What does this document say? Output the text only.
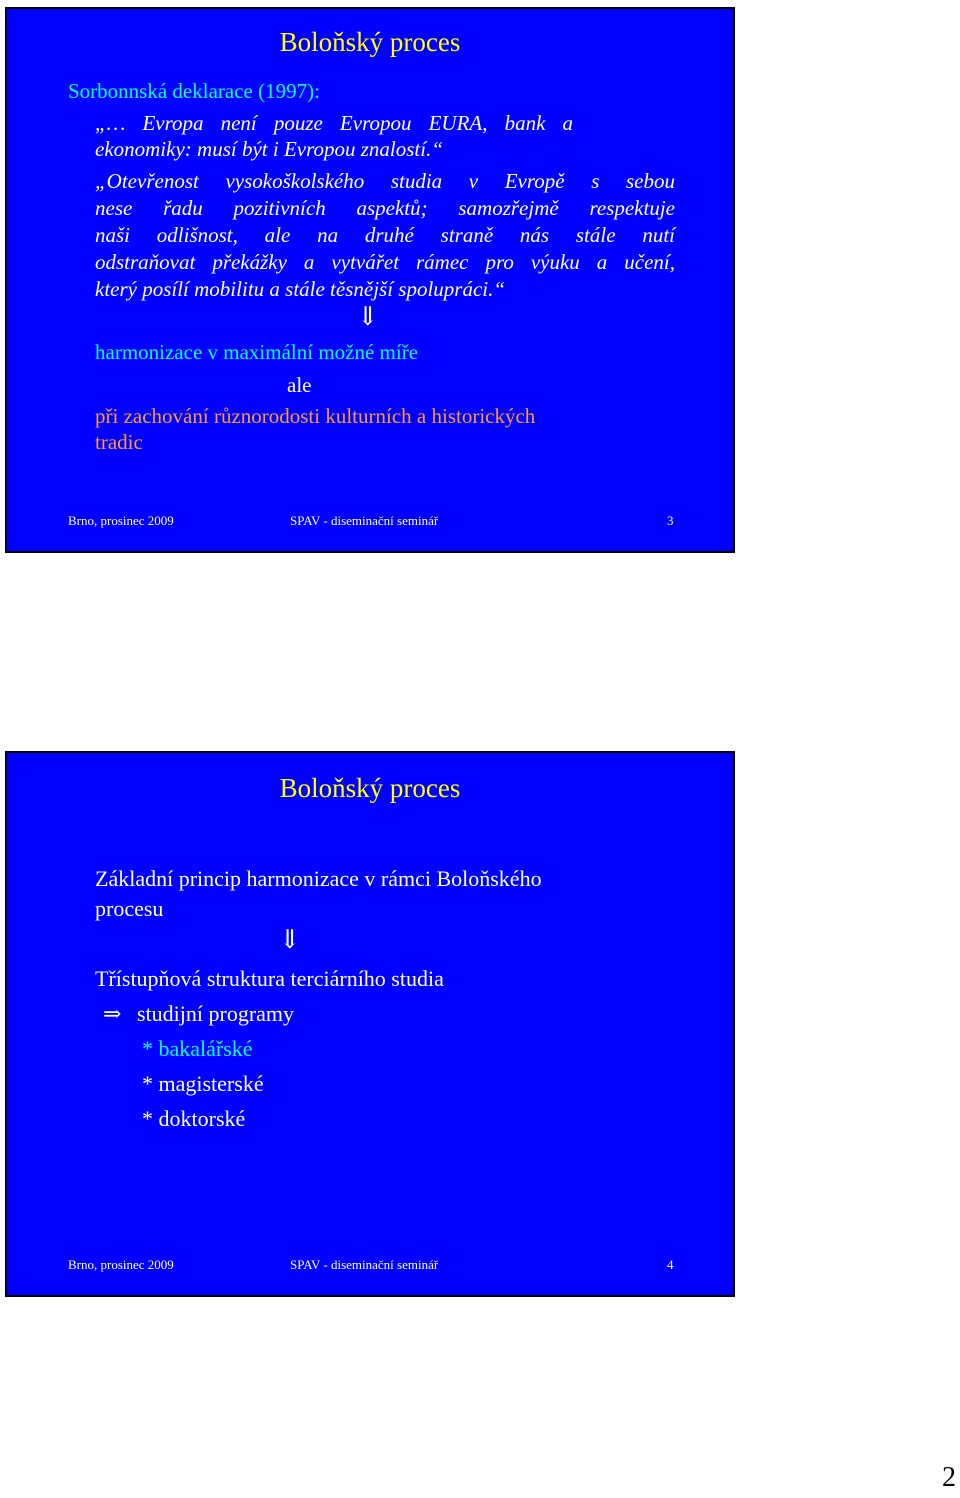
Boloňský proces
Sorbonnská deklarace (1997):
„… Evropa není pouze Evropou EURA, bank a
ekonomiky: musí být i Evropou znalostí.“
„Otevřenost vysokoškolského studia v Evropě s sebou
nese řadu pozitivních aspektů; samozřejmě respektuje
naši odlišnost, ale na druhé straně nás stále nutí
odstraňovat překážky a vytvářet rámec pro výuku a učení,
který posílí mobilitu a stále těsnější spolupráci.“
⇓
harmonizace v maximální možné míře
ale
při zachování různorodosti kulturních a historických
tradic
Brno, prosinec 2009	SPAV - diseminační seminář	3
Boloňský proces
Základní princip harmonizace v rámci Boloňského
procesu
⇓
Třístupňová struktura terciárního studia
⇒ studijní programy
* bakalářské
* magisterské
* doktorské
Brno, prosinec 2009	SPAV - diseminační seminář	4
2
